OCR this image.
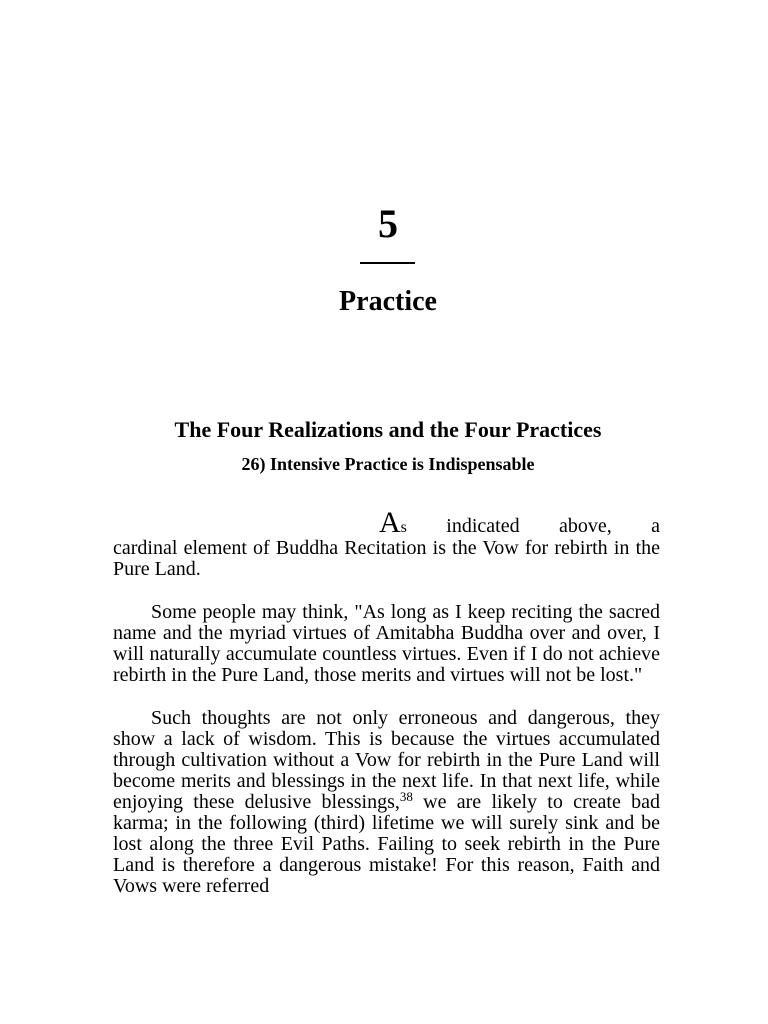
5
Practice
The Four Realizations and the Four Practices
26) Intensive Practice is Indispensable

As indicated above, a
cardinal element of Buddha Recitation is the Vow for rebirth in the Pure Land.

Some people may think, "As long as I keep reciting the sacred name and the myriad virtues of Amitabha Buddha over and over, I will naturally accumulate countless virtues. Even if I do not achieve rebirth in the Pure Land, those merits and virtues will not be lost."

Such thoughts are not only erroneous and dangerous, they show a lack of wisdom. This is because the virtues accumulated through cultivation without a Vow for rebirth in the Pure Land will become merits and blessings in the next life. In that next life, while enjoying these delusive blessings,$^{38}$ we are likely to create bad karma; in the following (third) lifetime we will surely sink and be lost along the three Evil Paths. Failing to seek rebirth in the Pure Land is therefore a dangerous mistake! For this reason, Faith and Vows were referred
